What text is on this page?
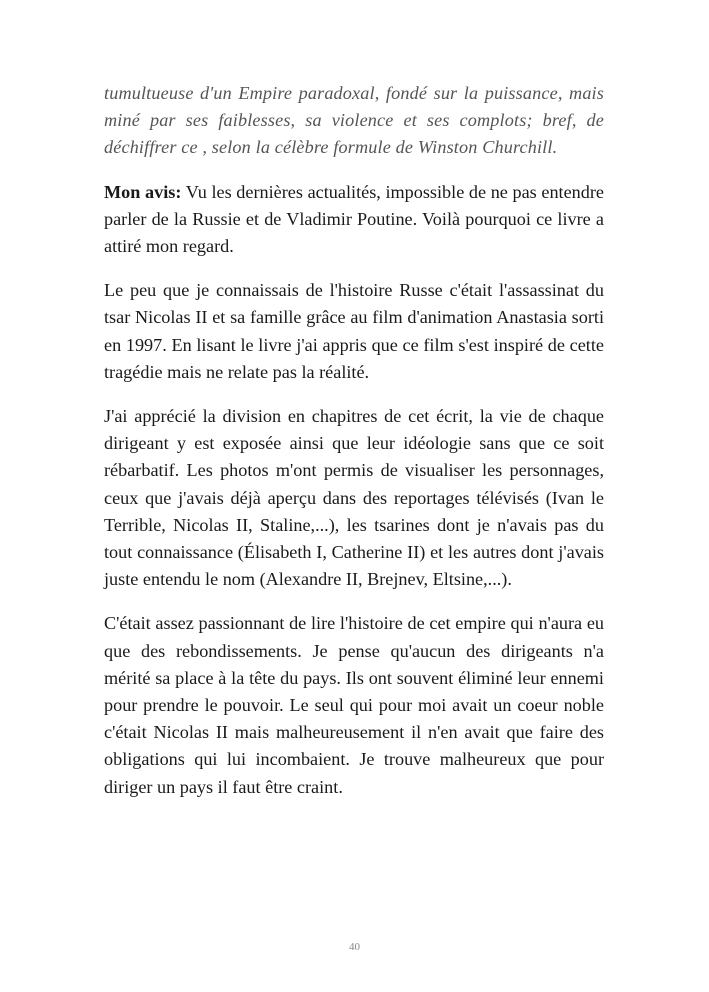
tumultueuse d'un Empire paradoxal, fondé sur la puissance, mais miné par ses faiblesses, sa violence et ses complots; bref, de déchiffrer ce , selon la célèbre formule de Winston Churchill.

Mon avis: Vu les dernières actualités, impossible de ne pas entendre parler de la Russie et de Vladimir Poutine. Voilà pourquoi ce livre a attiré mon regard.

Le peu que je connaissais de l'histoire Russe c'était l'assassinat du tsar Nicolas II et sa famille grâce au film d'animation Anastasia sorti en 1997. En lisant le livre j'ai appris que ce film s'est inspiré de cette tragédie mais ne relate pas la réalité.

J'ai apprécié la division en chapitres de cet écrit, la vie de chaque dirigeant y est exposée ainsi que leur idéologie sans que ce soit rébarbatif. Les photos m'ont permis de visualiser les personnages, ceux que j'avais déjà aperçu dans des reportages télévisés (Ivan le Terrible, Nicolas II, Staline,...), les tsarines dont je n'avais pas du tout connaissance (Élisabeth I, Catherine II) et les autres dont j'avais juste entendu le nom (Alexandre II, Brejnev, Eltsine,...).

C'était assez passionnant de lire l'histoire de cet empire qui n'aura eu que des rebondissements. Je pense qu'aucun des dirigeants n'a mérité sa place à la tête du pays. Ils ont souvent éliminé leur ennemi pour prendre le pouvoir. Le seul qui pour moi avait un coeur noble c'était Nicolas II mais malheureusement il n'en avait que faire des obligations qui lui incombaient. Je trouve malheureux que pour diriger un pays il faut être craint.

40
